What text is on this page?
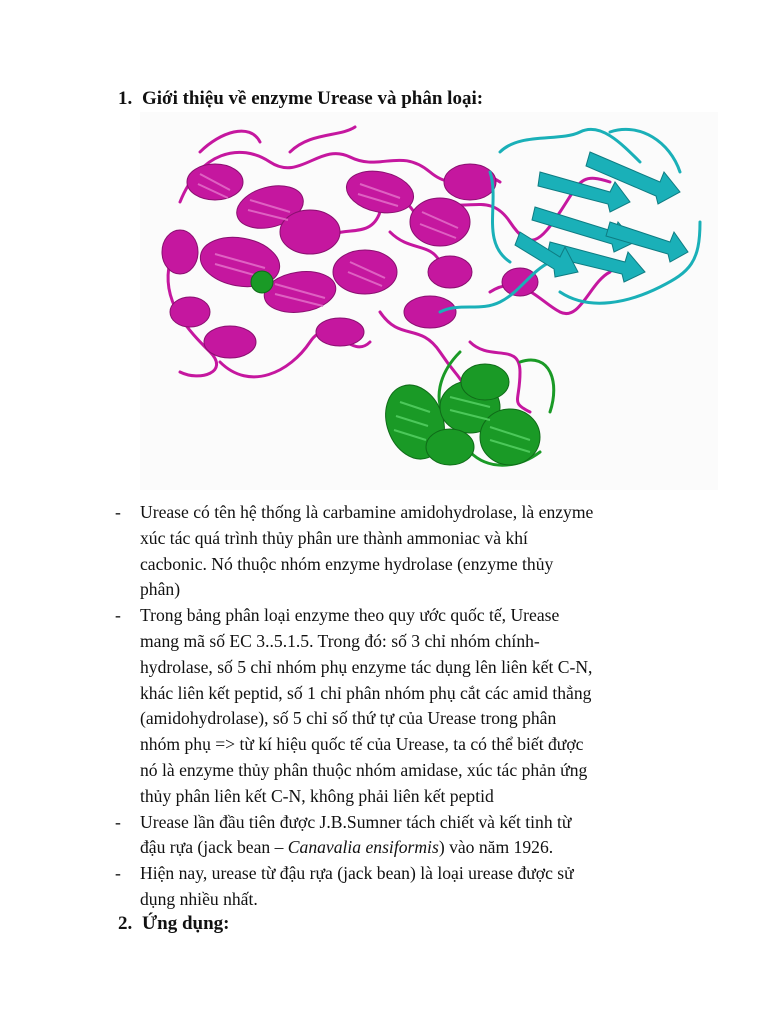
1. Giới thiệu về enzyme Urease và phân loại:
- Urease có tên hệ thống là carbamine amidohydrolase, là enzyme
xúc tác quá trình thủy phân ure thành ammoniac và khí
cacbonic. Nó thuộc nhóm enzyme hydrolase (enzyme thủy
phân)
- Trong bảng phân loại enzyme theo quy ước quốc tế, Urease
mang mã số EC 3..5.1.5. Trong đó: số 3 chỉ nhóm chính-
hydrolase, số 5 chỉ nhóm phụ enzyme tác dụng lên liên kết C-N,
khác liên kết peptid, số 1 chỉ phân nhóm phụ cắt các amid thẳng
(amidohydrolase), số 5 chỉ số thứ tự của Urease trong phân
nhóm phụ => từ kí hiệu quốc tế của Urease, ta có thể biết được
nó là enzyme thủy phân thuộc nhóm amidase, xúc tác phản ứng
thủy phân liên kết C-N, không phải liên kết peptid
- Urease lần đầu tiên được J.B.Sumner tách chiết và kết tinh từ
đậu rựa (jack bean – Canavalia ensiformis) vào năm 1926.
- Hiện nay, urease từ đậu rựa (jack bean) là loại urease được sử
dụng nhiều nhất.
2. Ứng dụng:
